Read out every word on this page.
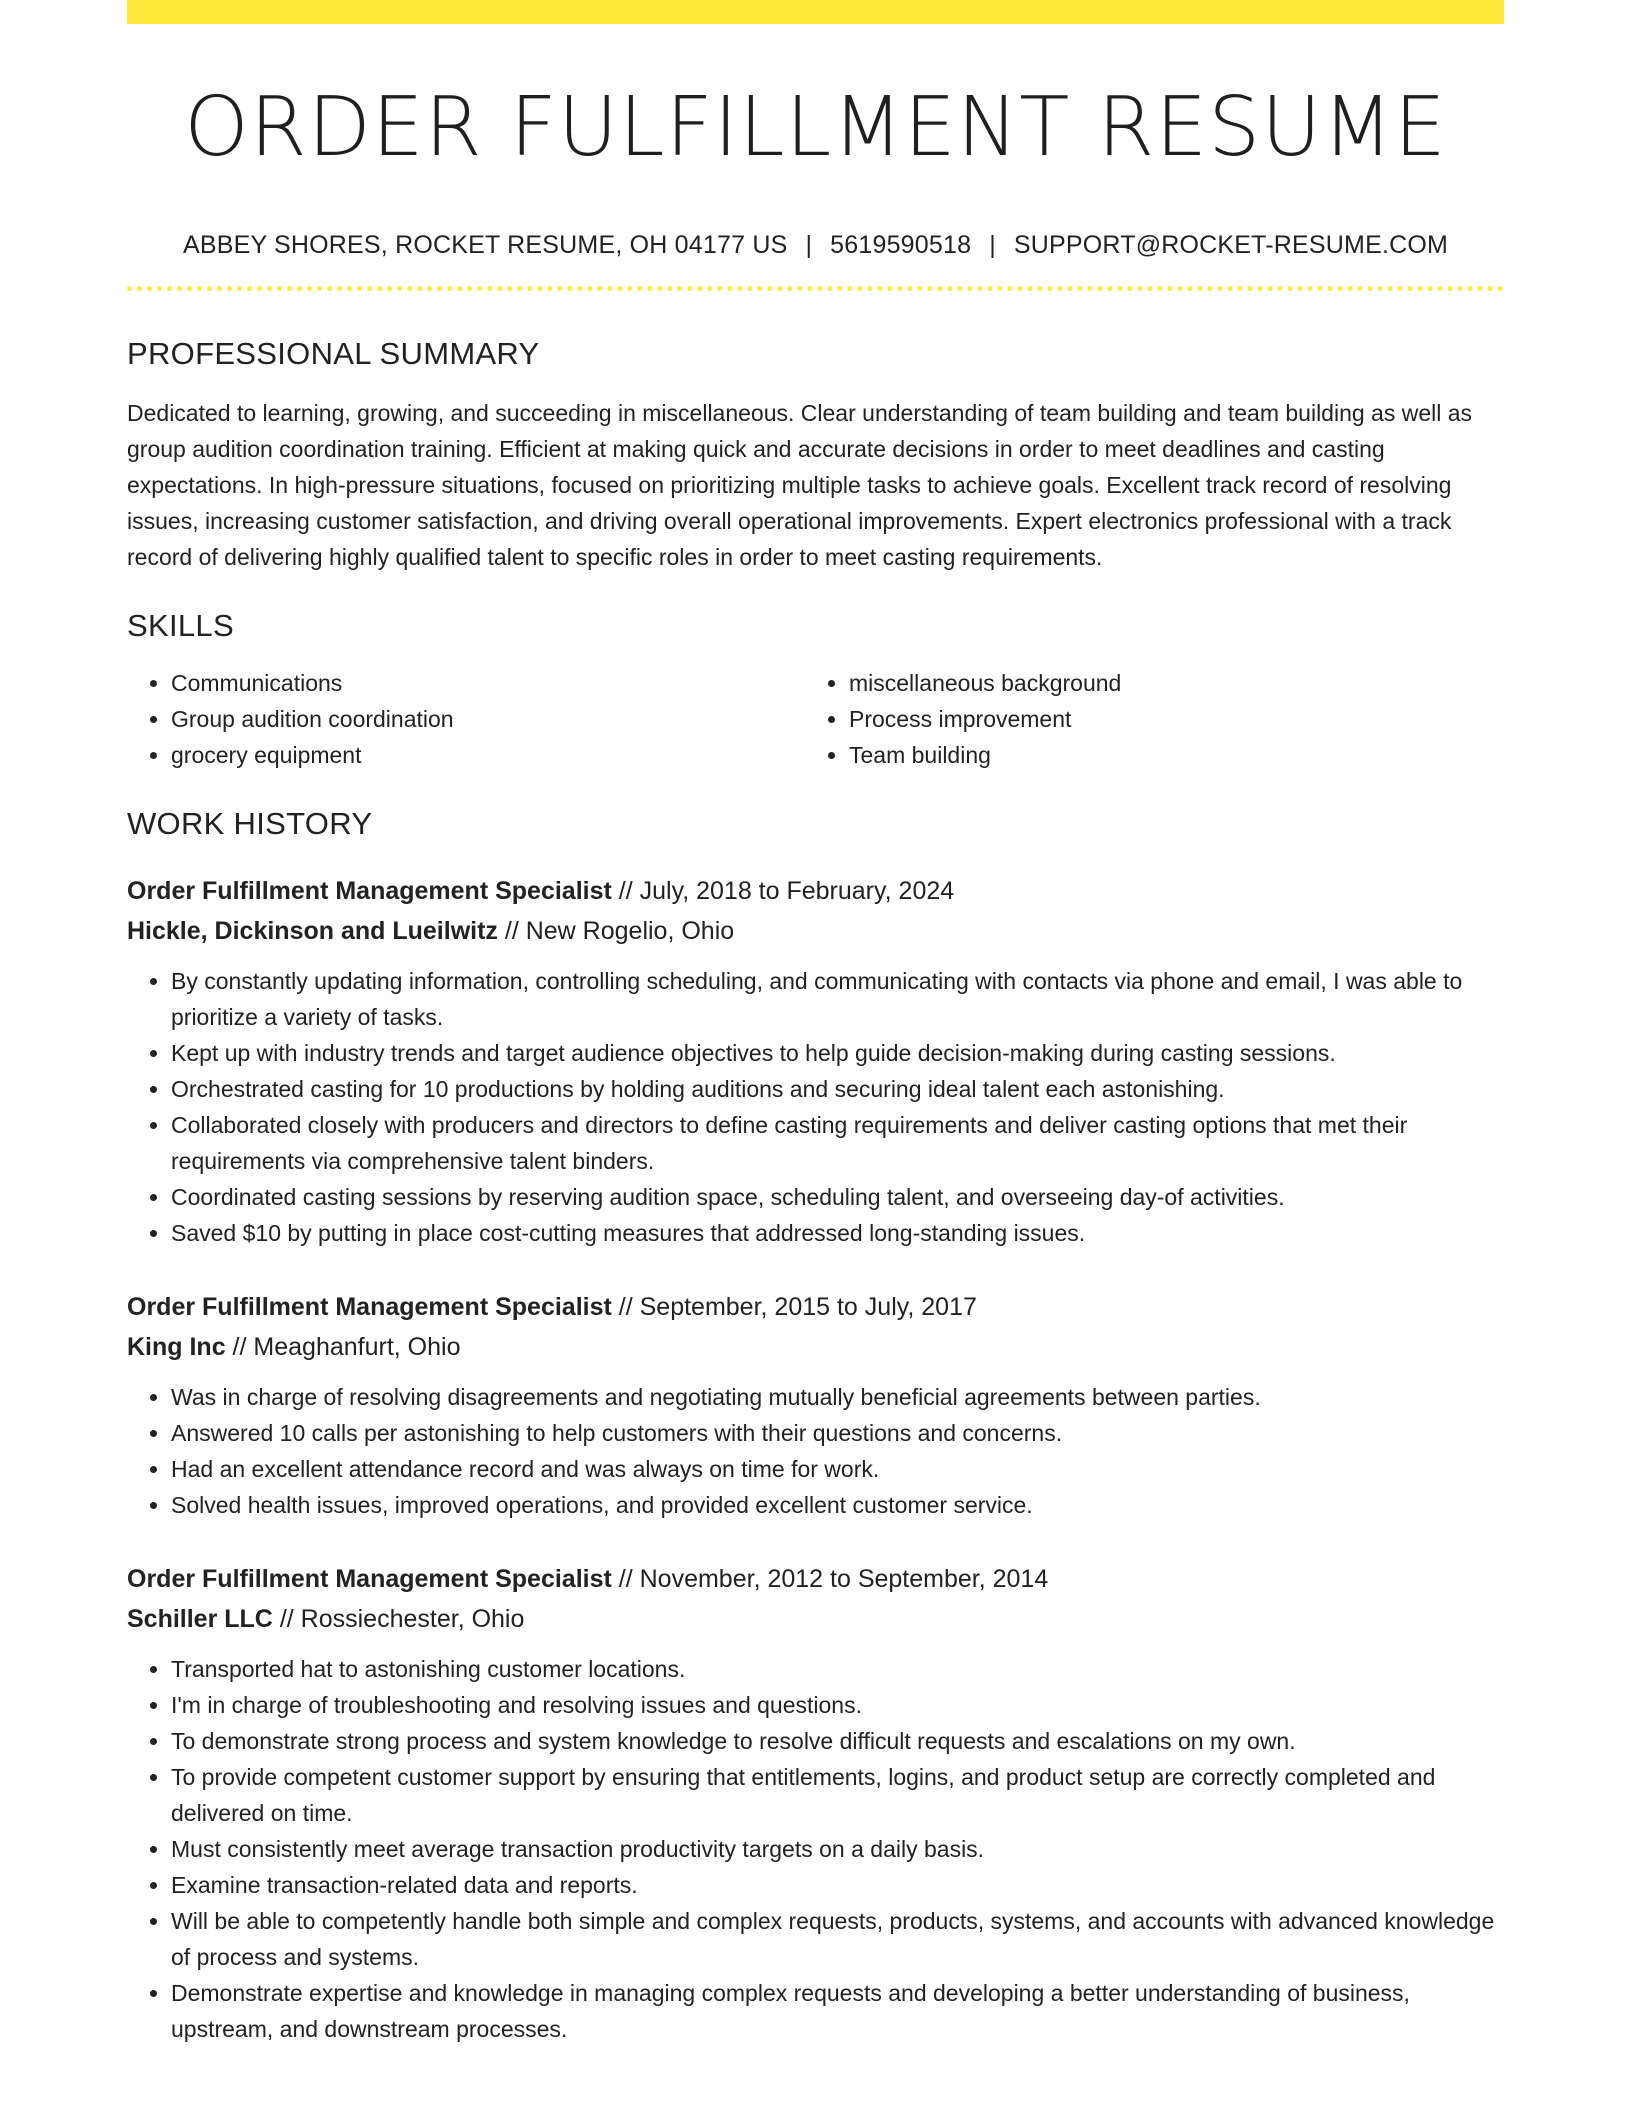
ORDER FULFILLMENT RESUME
ABBEY SHORES, ROCKET RESUME, OH 04177 US | 5619590518 | SUPPORT@ROCKET-RESUME.COM
PROFESSIONAL SUMMARY

Dedicated to learning, growing, and succeeding in miscellaneous. Clear understanding of team building and team building as well as group audition coordination training. Efficient at making quick and accurate decisions in order to meet deadlines and casting expectations. In high-pressure situations, focused on prioritizing multiple tasks to achieve goals. Excellent track record of resolving issues, increasing customer satisfaction, and driving overall operational improvements. Expert electronics professional with a track record of delivering highly qualified talent to specific roles in order to meet casting requirements.

SKILLS
• Communications
• Group audition coordination
• grocery equipment
• miscellaneous background
• Process improvement
• Team building
WORK HISTORY
Order Fulfillment Management Specialist // July, 2018 to February, 2024
Hickle, Dickinson and Lueilwitz // New Rogelio, Ohio
• By constantly updating information, controlling scheduling, and communicating with contacts via phone and email, I was able to prioritize a variety of tasks.
• Kept up with industry trends and target audience objectives to help guide decision-making during casting sessions.
• Orchestrated casting for 10 productions by holding auditions and securing ideal talent each astonishing.
• Collaborated closely with producers and directors to define casting requirements and deliver casting options that met their requirements via comprehensive talent binders.
• Coordinated casting sessions by reserving audition space, scheduling talent, and overseeing day-of activities.
• Saved $10 by putting in place cost-cutting measures that addressed long-standing issues.
Order Fulfillment Management Specialist // September, 2015 to July, 2017
King Inc // Meaghanfurt, Ohio
• Was in charge of resolving disagreements and negotiating mutually beneficial agreements between parties.
• Answered 10 calls per astonishing to help customers with their questions and concerns.
• Had an excellent attendance record and was always on time for work.
• Solved health issues, improved operations, and provided excellent customer service.
Order Fulfillment Management Specialist // November, 2012 to September, 2014
Schiller LLC // Rossiechester, Ohio
• Transported hat to astonishing customer locations.
• I'm in charge of troubleshooting and resolving issues and questions.
• To demonstrate strong process and system knowledge to resolve difficult requests and escalations on my own.
• To provide competent customer support by ensuring that entitlements, logins, and product setup are correctly completed and delivered on time.
• Must consistently meet average transaction productivity targets on a daily basis.
• Examine transaction-related data and reports.
• Will be able to competently handle both simple and complex requests, products, systems, and accounts with advanced knowledge of process and systems.
• Demonstrate expertise and knowledge in managing complex requests and developing a better understanding of business, upstream, and downstream processes.
